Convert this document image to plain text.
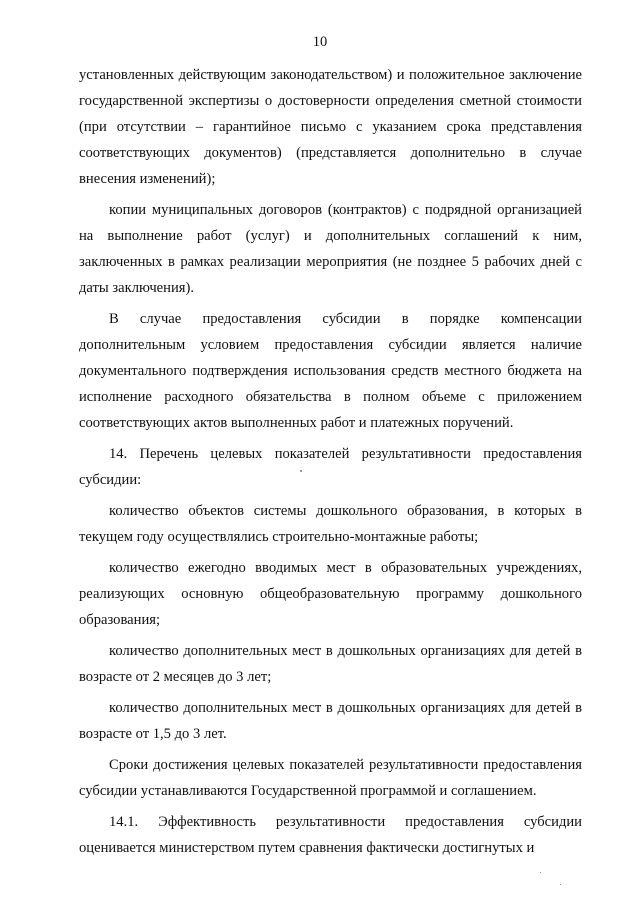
10

установленных действующим законодательством) и положительное заключение государственной экспертизы о достоверности определения сметной стоимости (при отсутствии – гарантийное письмо с указанием срока представления соответствующих документов) (представляется дополнительно в случае внесения изменений);

копии муниципальных договоров (контрактов) с подрядной организацией на выполнение работ (услуг) и дополнительных соглашений к ним, заключенных в рамках реализации мероприятия (не позднее 5 рабочих дней с даты заключения).

В случае предоставления субсидии в порядке компенсации дополнительным условием предоставления субсидии является наличие документального подтверждения использования средств местного бюджета на исполнение расходного обязательства в полном объеме с приложением соответствующих актов выполненных работ и платежных поручений.

14. Перечень целевых показателей результативности предоставления субсидии:

количество объектов системы дошкольного образования, в которых в текущем году осуществлялись строительно-монтажные работы;

количество ежегодно вводимых мест в образовательных учреждениях, реализующих основную общеобразовательную программу дошкольного образования;

количество дополнительных мест в дошкольных организациях для детей в возрасте от 2 месяцев до 3 лет;

количество дополнительных мест в дошкольных организациях для детей в возрасте от 1,5 до 3 лет.

Сроки достижения целевых показателей результативности предоставления субсидии устанавливаются Государственной программой и соглашением.

14.1. Эффективность результативности предоставления субсидии оценивается министерством путем сравнения фактически достигнутых и
